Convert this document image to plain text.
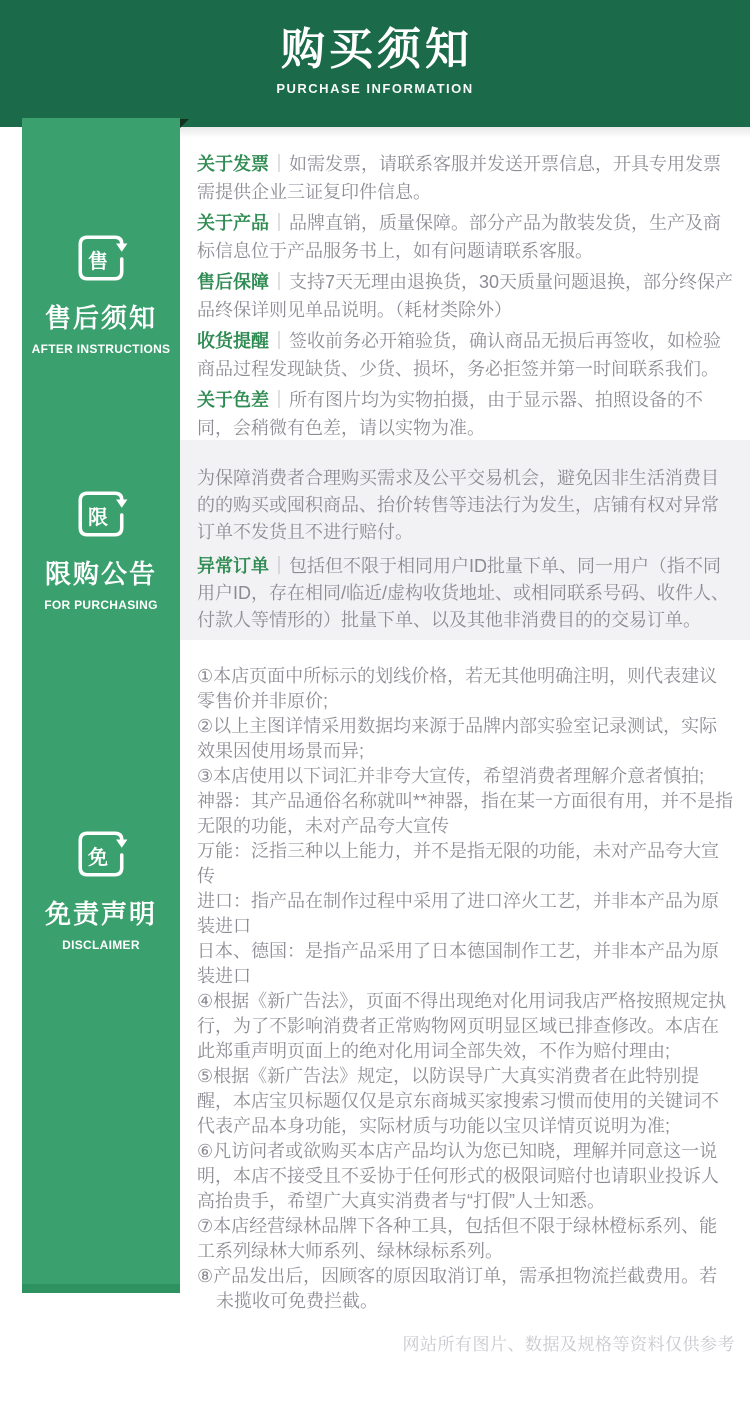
购买须知
PURCHASE INFORMATION
售
售后须知
AFTER INSTRUCTIONS
限
限购公告
FOR PURCHASING
免
免责声明
DISCLAIMER

关于发票｜如需发票，请联系客服并发送开票信息，开具专用发票需提供企业三证复印件信息。

关于产品｜品牌直销，质量保障。部分产品为散装发货，生产及商标信息位于产品服务书上，如有问题请联系客服。

售后保障｜支持7天无理由退换货，30天质量问题退换，部分终保产品终保详则见单品说明。（耗材类除外）

收货提醒｜签收前务必开箱验货，确认商品无损后再签收，如检验商品过程发现缺货、少货、损坏，务必拒签并第一时间联系我们。

关于色差｜所有图片均为实物拍摄，由于显示器、拍照设备的不同，会稍微有色差，请以实物为准。

为保障消费者合理购买需求及公平交易机会，避免因非生活消费目的的购买或囤积商品、抬价转售等违法行为发生，店铺有权对异常订单不发货且不进行赔付。

异常订单｜包括但不限于相同用户ID批量下单、同一用户（指不同用户ID，存在相同/临近/虚构收货地址、或相同联系号码、收件人、付款人等情形的）批量下单、以及其他非消费目的的交易订单。

①本店页面中所标示的划线价格，若无其他明确注明，则代表建议零售价并非原价;

②以上主图详情采用数据均来源于品牌内部实验室记录测试，实际效果因使用场景而异;

③本店使用以下词汇并非夸大宣传，希望消费者理解介意者慎拍;

神器：其产品通俗名称就叫**神器，指在某一方面很有用，并不是指无限的功能，未对产品夸大宣传

万能：泛指三种以上能力，并不是指无限的功能，未对产品夸大宣传

进口：指产品在制作过程中采用了进口淬火工艺，并非本产品为原装进口

日本、德国：是指产品采用了日本德国制作工艺，并非本产品为原装进口

④根据《新广告法》，页面不得出现绝对化用词我店严格按照规定执行，为了不影响消费者正常购物网页明显区域已排查修改。本店在此郑重声明页面上的绝对化用词全部失效，不作为赔付理由;

⑤根据《新广告法》规定，以防误导广大真实消费者在此特别提醒，本店宝贝标题仅仅是京东商城买家搜索习惯而使用的关键词不代表产品本身功能，实际材质与功能以宝贝详情页说明为准;

⑥凡访问者或欲购买本店产品均认为您已知晓，理解并同意这一说明，本店不接受且不妥协于任何形式的极限词赔付也请职业投诉人高抬贵手，希望广大真实消费者与“打假”人士知悉。

⑦本店经营绿林品牌下各种工具，包括但不限于绿林橙标系列、能工系列绿林大师系列、绿林绿标系列。

⑧产品发出后，因顾客的原因取消订单，需承担物流拦截费用。若未揽收可免费拦截。

网站所有图片、数据及规格等资料仅供参考
